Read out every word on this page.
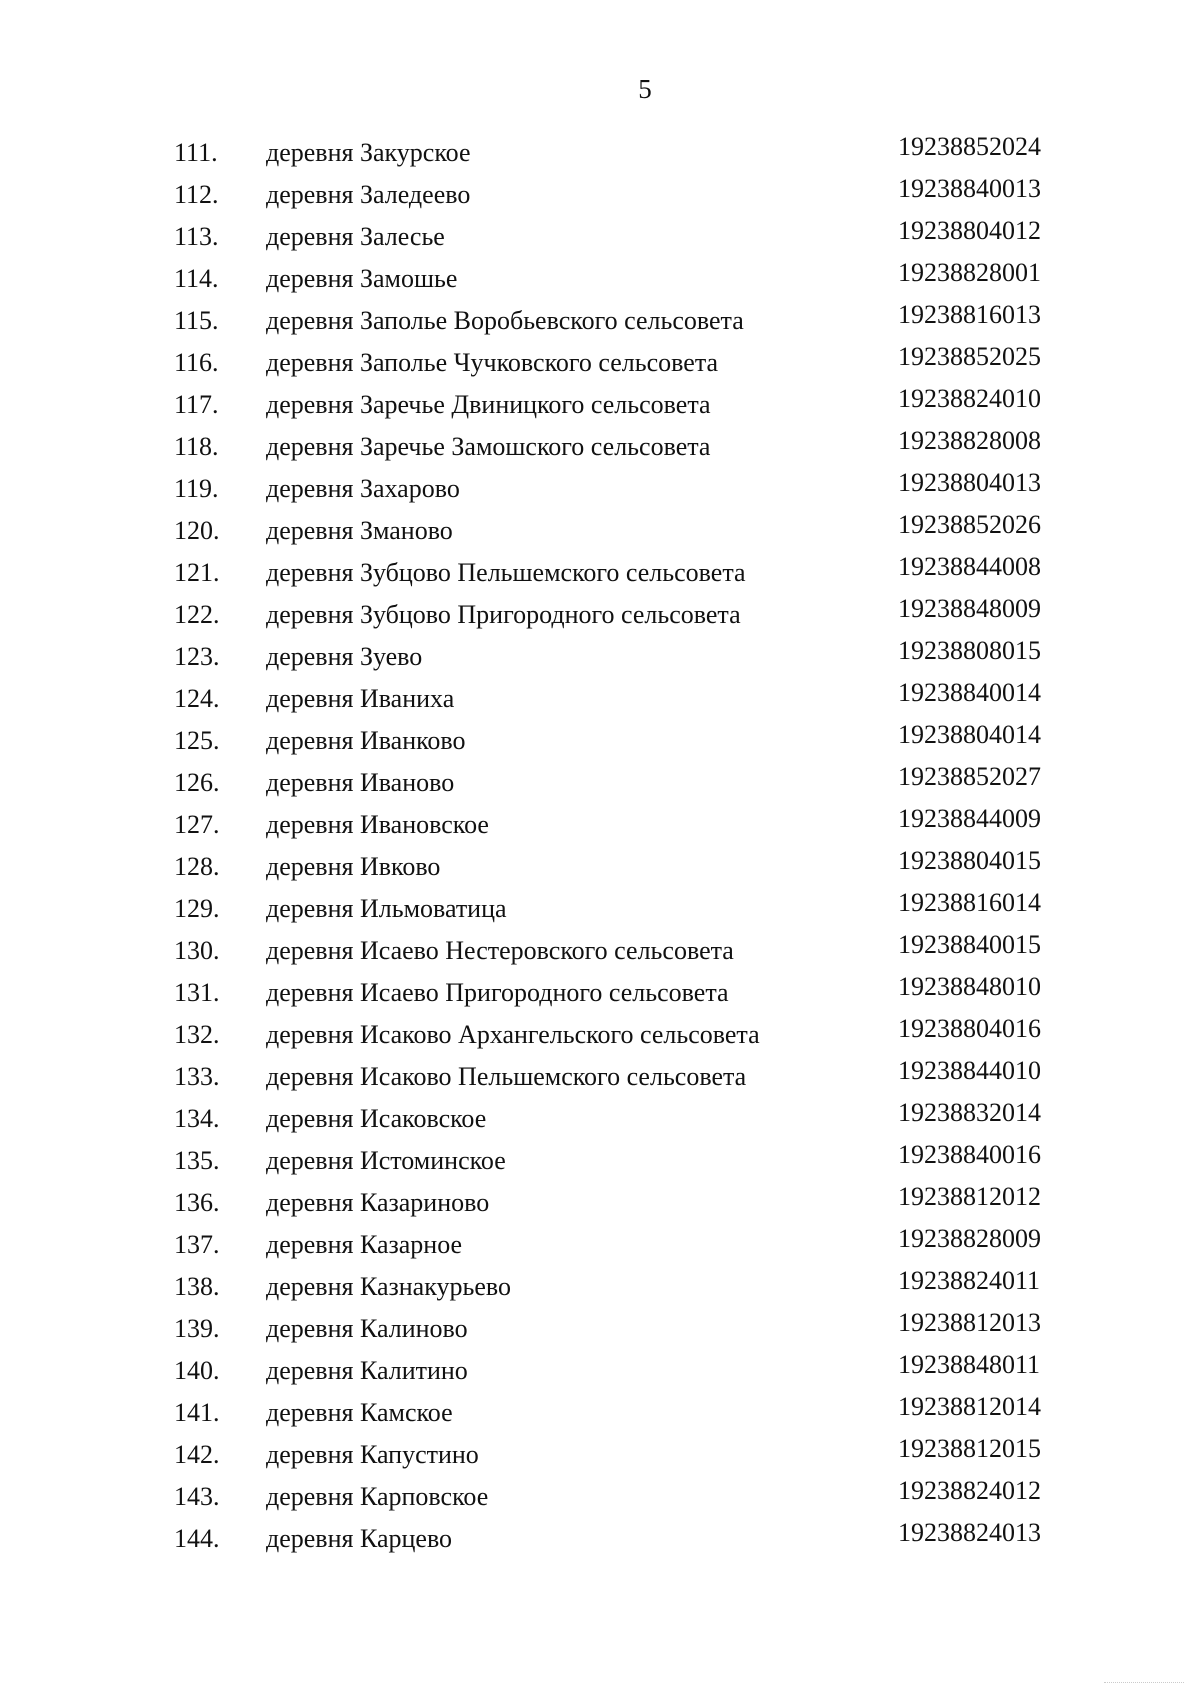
5
111. деревня Закурское	19238852024
112. деревня Заледеево	19238840013
113. деревня Залесье	19238804012
114. деревня Замошье	19238828001
115. деревня Заполье Воробьевского сельсовета	19238816013
116. деревня Заполье Чучковского сельсовета	19238852025
117. деревня Заречье Двиницкого сельсовета	19238824010
118. деревня Заречье Замошского сельсовета	19238828008
119. деревня Захарово	19238804013
120. деревня Зманово	19238852026
121. деревня Зубцово Пельшемского сельсовета	19238844008
122. деревня Зубцово Пригородного сельсовета	19238848009
123. деревня Зуево	19238808015
124. деревня Иваниха	19238840014
125. деревня Иванково	19238804014
126. деревня Иваново	19238852027
127. деревня Ивановское	19238844009
128. деревня Ивково	19238804015
129. деревня Ильмоватица	19238816014
130. деревня Исаево Нестеровского сельсовета	19238840015
131. деревня Исаево Пригородного сельсовета	19238848010
132. деревня Исаково Архангельского сельсовета	19238804016
133. деревня Исаково Пельшемского сельсовета	19238844010
134. деревня Исаковское	19238832014
135. деревня Истоминское	19238840016
136. деревня Казариново	19238812012
137. деревня Казарное	19238828009
138. деревня Казнакурьево	19238824011
139. деревня Калиново	19238812013
140. деревня Калитино	19238848011
141. деревня Камское	19238812014
142. деревня Капустино	19238812015
143. деревня Карповское	19238824012
144. деревня Карцево	19238824013
